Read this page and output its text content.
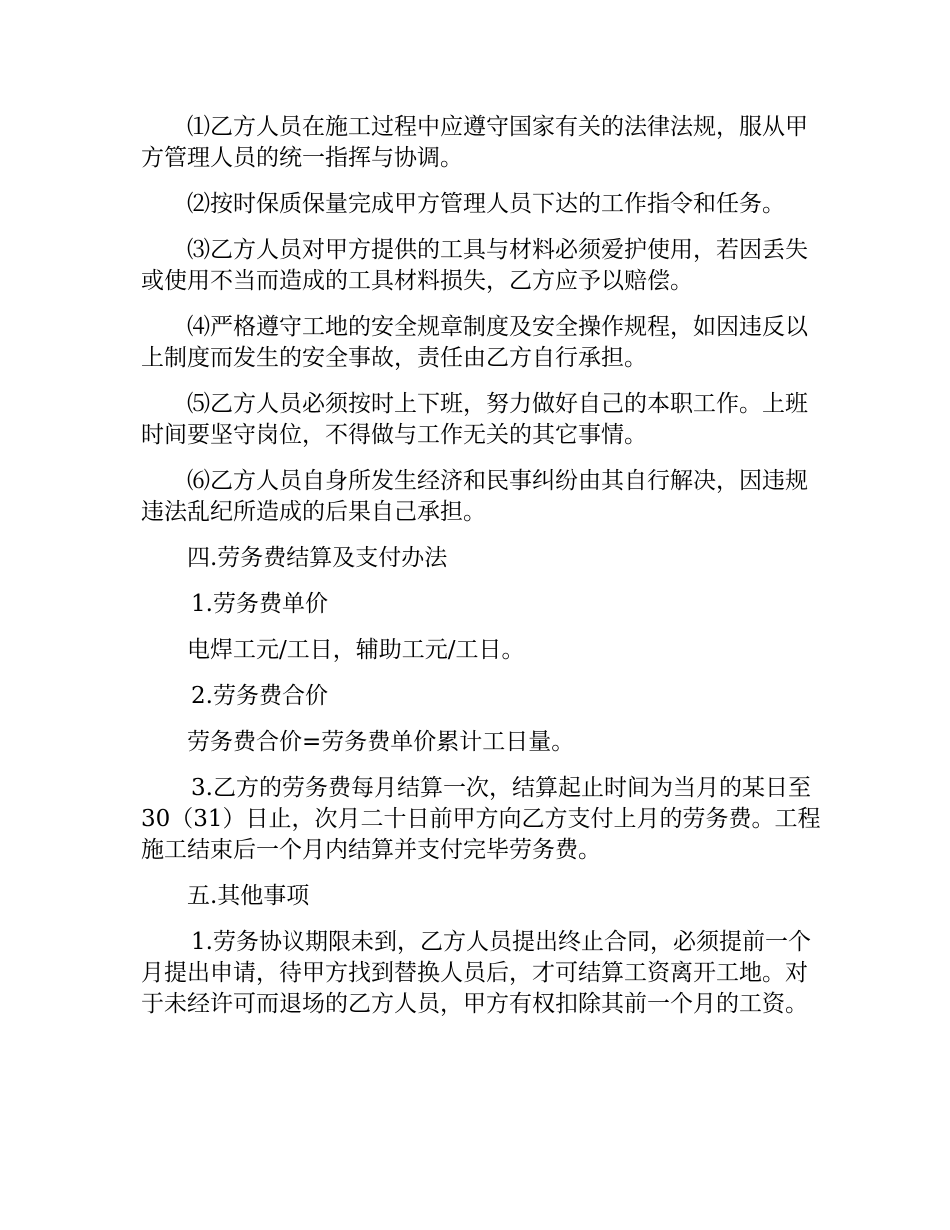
⑴乙方人员在施工过程中应遵守国家有关的法律法规，服从甲方管理人员的统一指挥与协调。

⑵按时保质保量完成甲方管理人员下达的工作指令和任务。

⑶乙方人员对甲方提供的工具与材料必须爱护使用，若因丢失或使用不当而造成的工具材料损失，乙方应予以赔偿。

⑷严格遵守工地的安全规章制度及安全操作规程，如因违反以上制度而发生的安全事故，责任由乙方自行承担。

⑸乙方人员必须按时上下班，努力做好自己的本职工作。上班时间要坚守岗位，不得做与工作无关的其它事情。

⑹乙方人员自身所发生经济和民事纠纷由其自行解决，因违规违法乱纪所造成的后果自己承担。

四.劳务费结算及支付办法

1.劳务费单价

电焊工元/工日，辅助工元/工日。

2.劳务费合价

劳务费合价=劳务费单价累计工日量。

3.乙方的劳务费每月结算一次，结算起止时间为当月的某日至30（31）日止，次月二十日前甲方向乙方支付上月的劳务费。工程施工结束后一个月内结算并支付完毕劳务费。

五.其他事项

1.劳务协议期限未到，乙方人员提出终止合同，必须提前一个月提出申请，待甲方找到替换人员后，才可结算工资离开工地。对于未经许可而退场的乙方人员，甲方有权扣除其前一个月的工资。
